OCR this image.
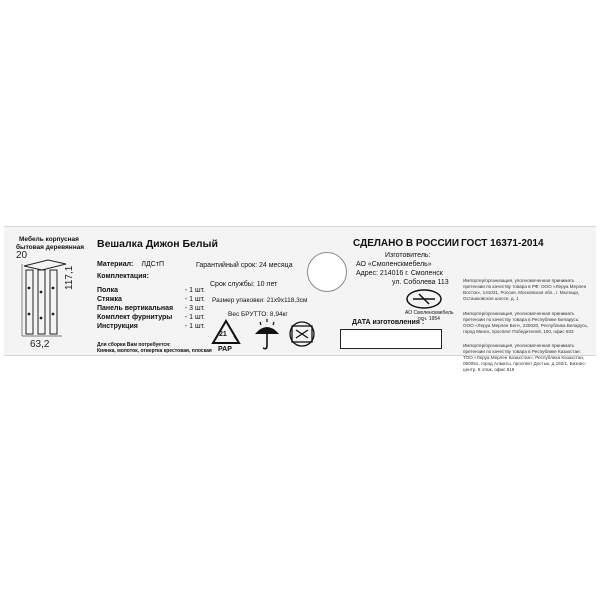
Мебель корпусная
бытовая деревянная
20
117,1
63,2
Вешалка Дижон Белый
Материал: ЛДСтП
Комплектация:
Полка	- 1 шт.
Стяжка	- 1 шт.
Панель вертикальная - 3 шт.
Комплект фурнитуры - 1 шт.
Инструкция	- 1 шт.
Для сборки Вам потребуется:
Киянка, молоток, отвертка крестовая, плоская
Гарантийный срок: 24 месяца
Срок службы: 10 лет
Размер упаковки: 21х9х118,3см
Вес БРУТТО: 8,94кг
21
PAP
СДЕЛАНО В РОССИИ
Изготовитель:
АО «Смоленскмебель»
Адрес: 214016 г. Смоленск
ул. Соболева 113
АО Смоленскмебель
осн. 1954
ДАТА изготовления :
ГОСТ 16371-2014
Импортер/организация, уполномоченная принимать претензии по качеству товара в РФ: ООО «Леруа Мерлен Восток», 141031, Россия, Московская обл., г. Мытищи, Осташковское шоссе, д. 1
Импортер/организация, уполномоченная принимать претензии по качеству товара в Республике Беларусь: ООО «Леруа Мерлен Бел», 220020, Республика Беларусь, город Минск, проспект Победителей, 100, офис 503
Импортер/организация, уполномоченная принимать претензии по качеству товара в Республике Казахстан: ТОО «Леруа Мерлен Казахстан», Республика Казахстан, 050051, город Алматы, проспект Достык, д.192/1, Бизнес-центр, 8 этаж, офис 819
